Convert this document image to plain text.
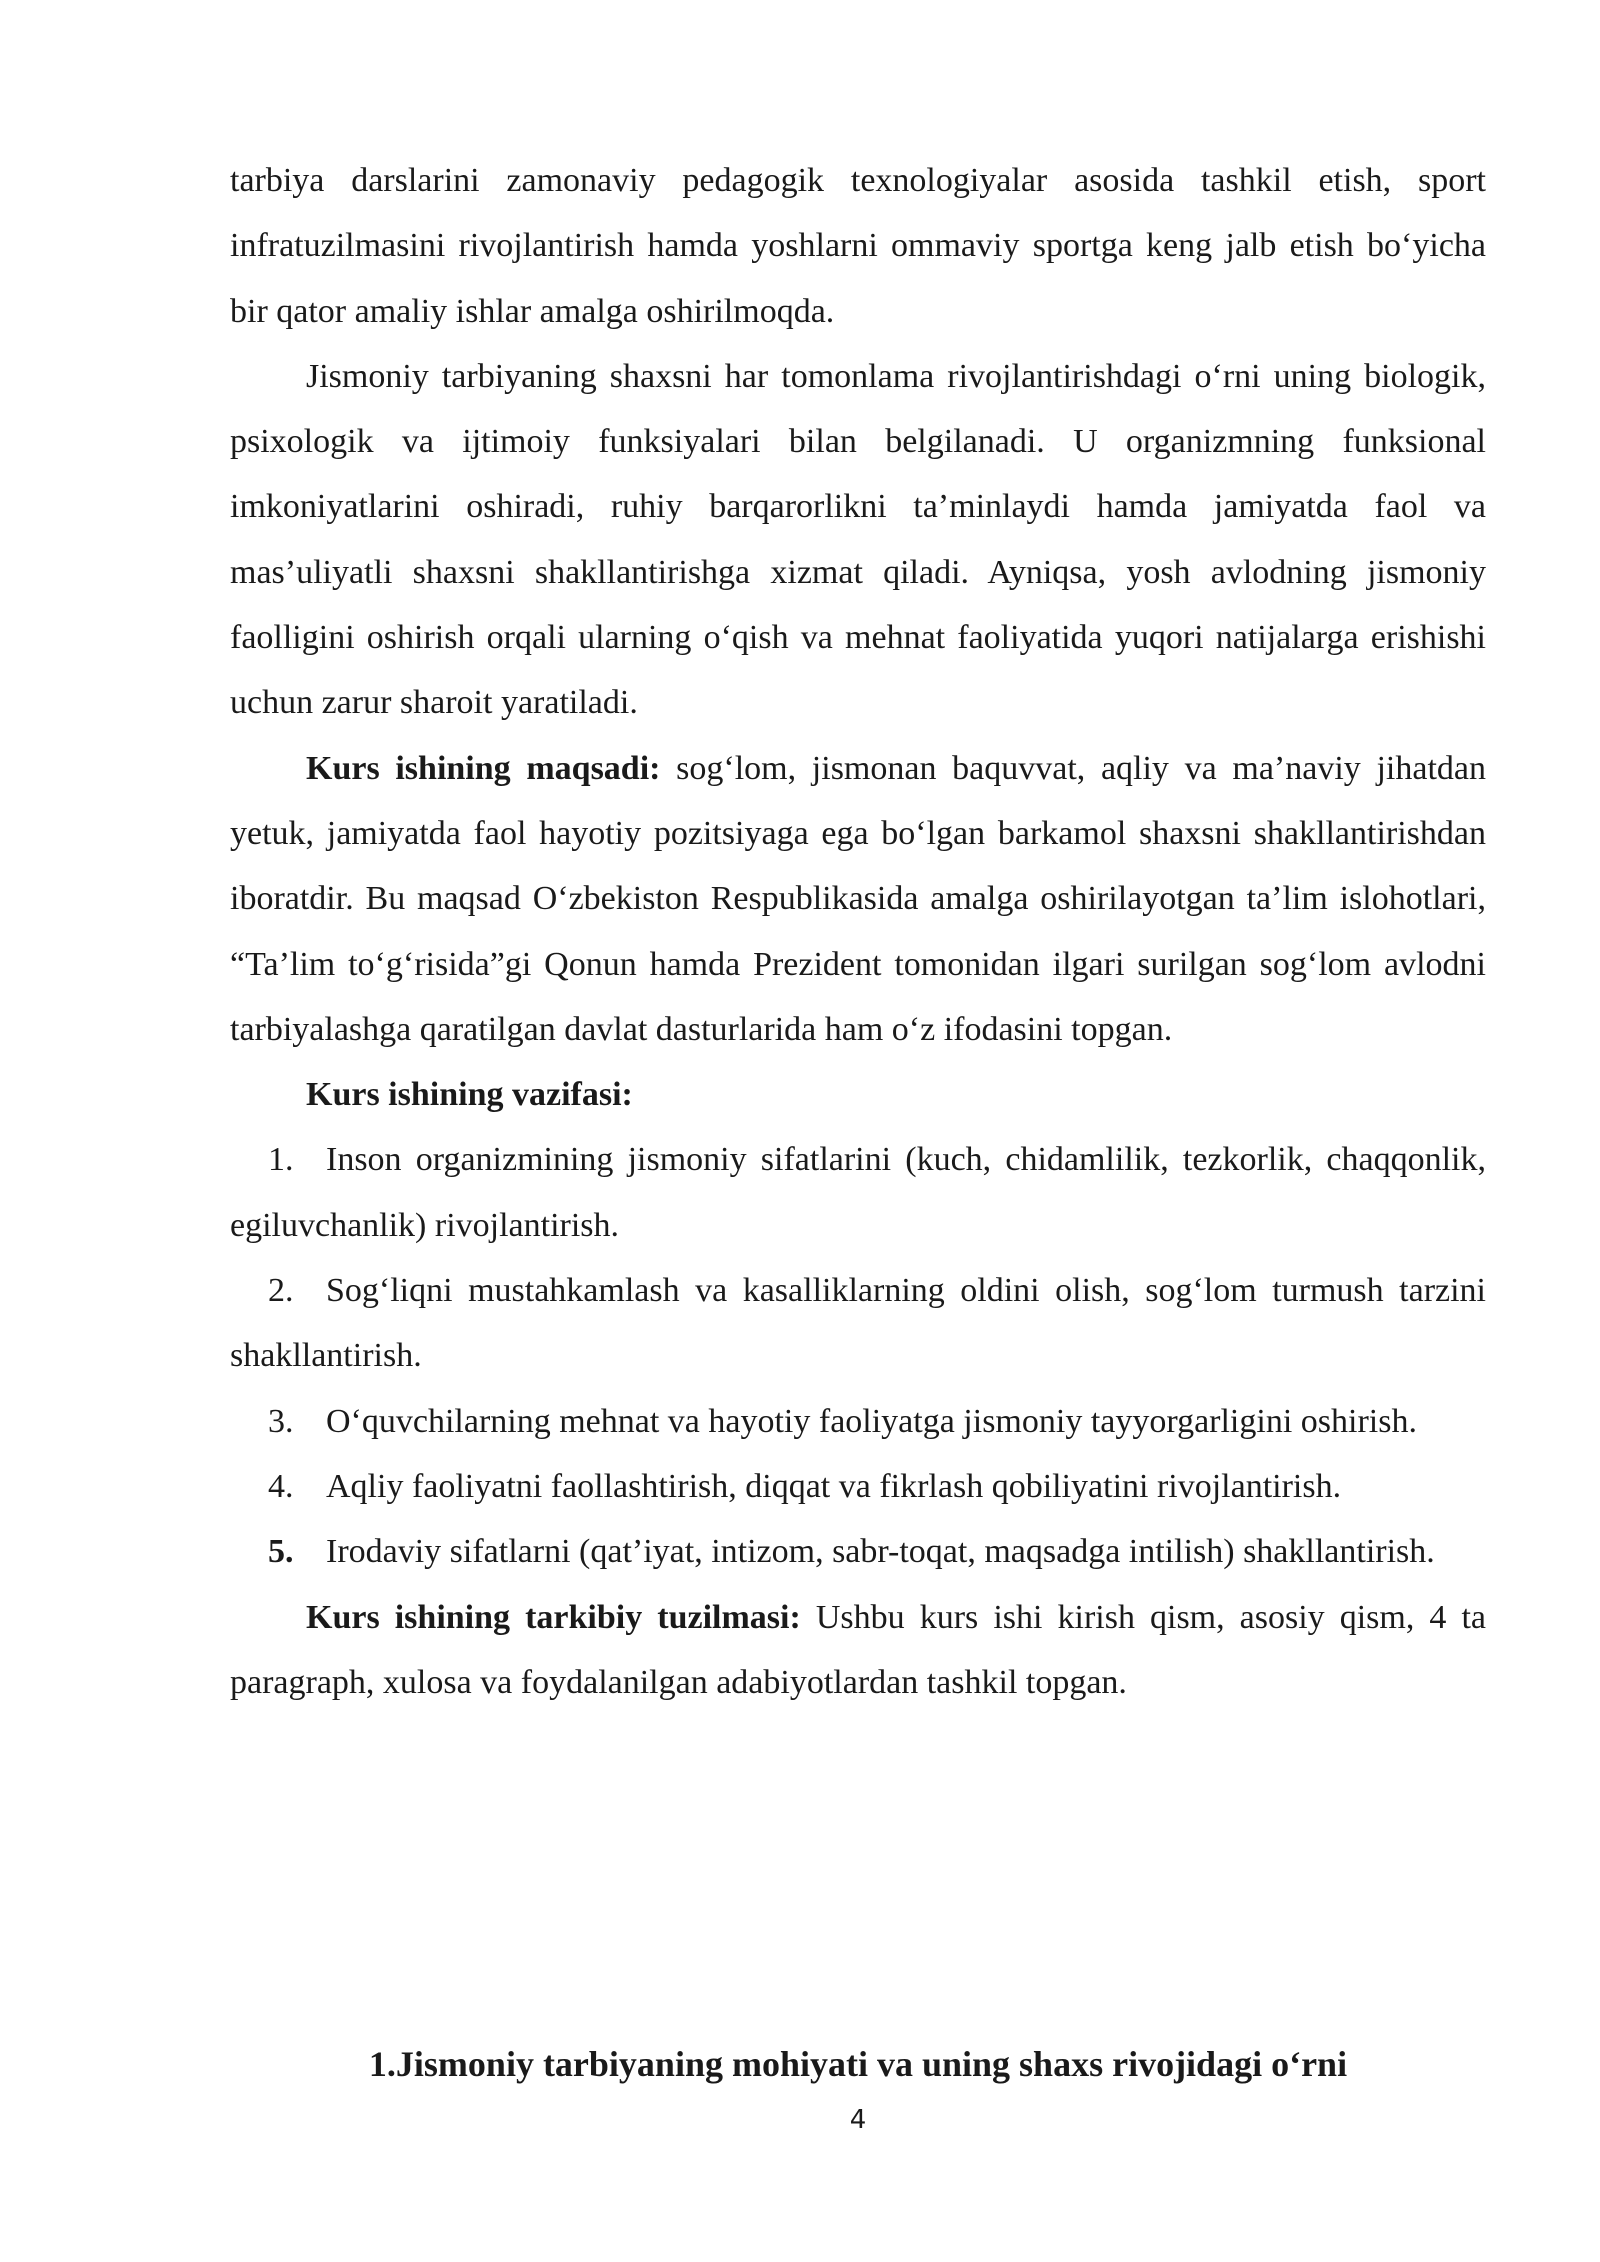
tarbiya darslarini zamonaviy pedagogik texnologiyalar asosida tashkil etish, sport infratuzilmasini rivojlantirish hamda yoshlarni ommaviy sportga keng jalb etish bo‘yicha bir qator amaliy ishlar amalga oshirilmoqda.

Jismoniy tarbiyaning shaxsni har tomonlama rivojlantirishdagi o‘rni uning biologik, psixologik va ijtimoiy funksiyalari bilan belgilanadi. U organizmning funksional imkoniyatlarini oshiradi, ruhiy barqarorlikni ta’minlaydi hamda jamiyatda faol va mas’uliyatli shaxsni shakllantirishga xizmat qiladi. Ayniqsa, yosh avlodning jismoniy faolligini oshirish orqali ularning o‘qish va mehnat faoliyatida yuqori natijalarga erishishi uchun zarur sharoit yaratiladi.

Kurs ishining maqsadi: sog‘lom, jismonan baquvvat, aqliy va ma’naviy jihatdan yetuk, jamiyatda faol hayotiy pozitsiyaga ega bo‘lgan barkamol shaxsni shakllantirishdan iboratdir. Bu maqsad O‘zbekiston Respublikasida amalga oshirilayotgan ta’lim islohotlari, “Ta’lim to‘g‘risida”gi Qonun hamda Prezident tomonidan ilgari surilgan sog‘lom avlodni tarbiyalashga qaratilgan davlat dasturlarida ham o‘z ifodasini topgan.

Kurs ishining vazifasi:

1. Inson organizmining jismoniy sifatlarini (kuch, chidamlilik, tezkorlik, chaqqonlik, egiluvchanlik) rivojlantirish.

2. Sog‘liqni mustahkamlash va kasalliklarning oldini olish, sog‘lom turmush tarzini shakllantirish.

3. O‘quvchilarning mehnat va hayotiy faoliyatga jismoniy tayyorgarligini oshirish.

4. Aqliy faoliyatni faollashtirish, diqqat va fikrlash qobiliyatini rivojlantirish.

5. Irodaviy sifatlarni (qat’iyat, intizom, sabr-toqat, maqsadga intilish) shakllantirish.

Kurs ishining tarkibiy tuzilmasi: Ushbu kurs ishi kirish qism, asosiy qism, 4 ta paragraph, xulosa va foydalanilgan adabiyotlardan tashkil topgan.

1.Jismoniy tarbiyaning mohiyati va uning shaxs rivojidagi o‘rni
4
